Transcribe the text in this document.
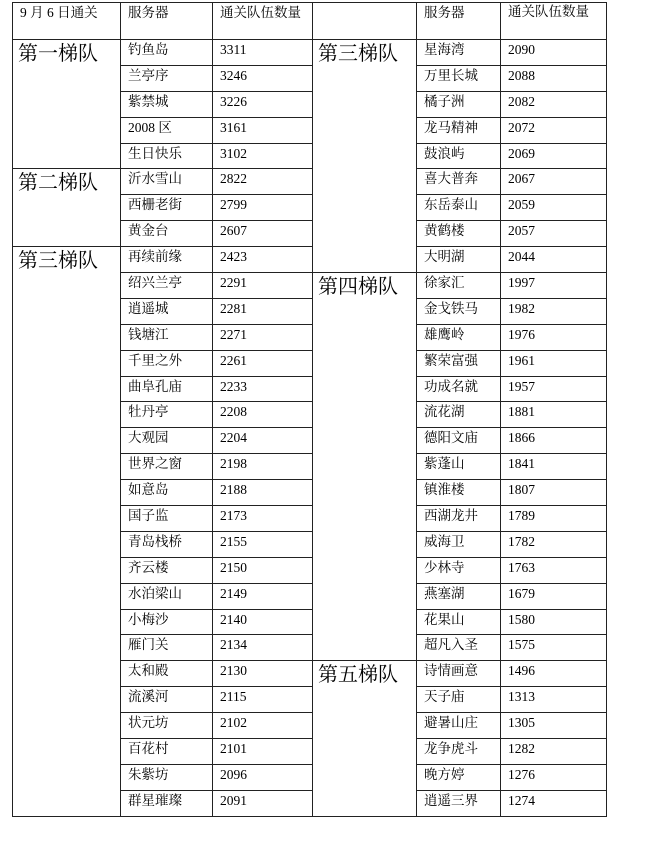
9 月 6 日通关	服务器	通关队伍数量		服务器	通关队伍数量
第一梯队	钓鱼岛	3311	第三梯队	星海湾	2090
	兰亭序	3246		万里长城	2088
	紫禁城	3226		橘子洲	2082
	2008 区	3161		龙马精神	2072
	生日快乐	3102		鼓浪屿	2069
第二梯队	沂水雪山	2822		喜大普奔	2067
	西栅老街	2799		东岳泰山	2059
	黄金台	2607		黄鹤楼	2057
第三梯队	再续前缘	2423		大明湖	2044
	绍兴兰亭	2291	第四梯队	徐家汇	1997
	逍遥城	2281		金戈铁马	1982
	钱塘江	2271		雄鹰岭	1976
	千里之外	2261		繁荣富强	1961
	曲阜孔庙	2233		功成名就	1957
	牡丹亭	2208		流花湖	1881
	大观园	2204		德阳文庙	1866
	世界之窗	2198		紫蓬山	1841
	如意岛	2188		镇淮楼	1807
	国子监	2173		西湖龙井	1789
	青岛栈桥	2155		威海卫	1782
	齐云楼	2150		少林寺	1763
	水泊梁山	2149		燕塞湖	1679
	小梅沙	2140		花果山	1580
	雁门关	2134		超凡入圣	1575
	太和殿	2130	第五梯队	诗情画意	1496
	流溪河	2115		天子庙	1313
	状元坊	2102		避暑山庄	1305
	百花村	2101		龙争虎斗	1282
	朱紫坊	2096		晚方婷	1276
	群星璀璨	2091		逍遥三界	1274
